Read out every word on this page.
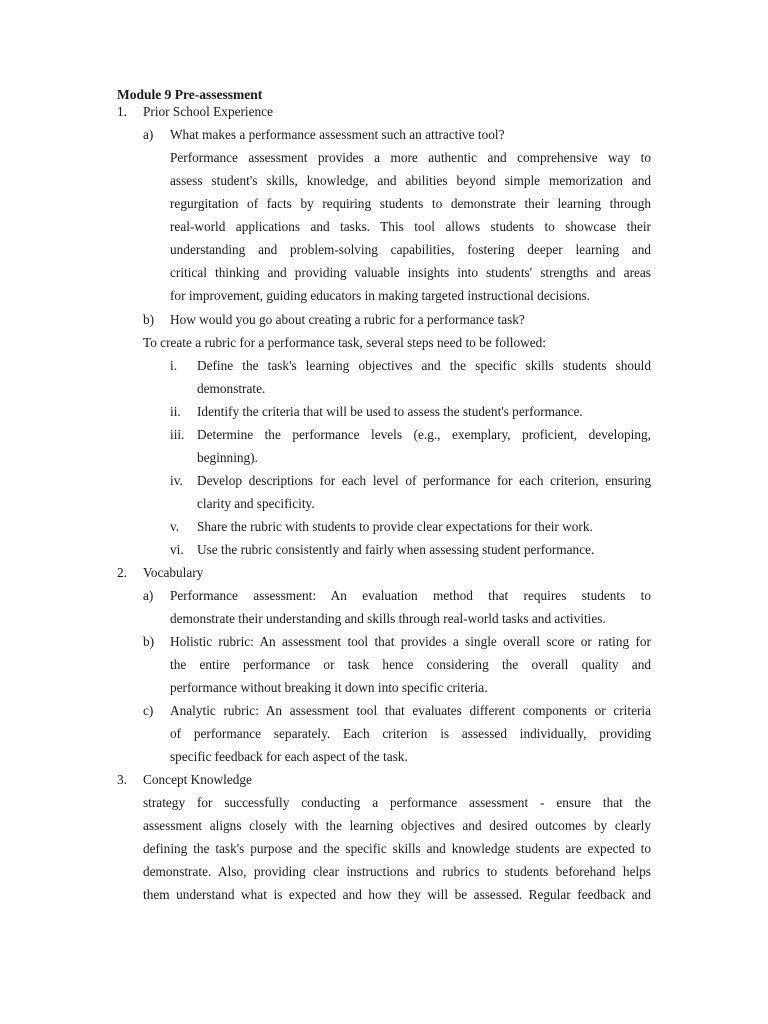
Module 9 Pre-assessment
1. Prior School Experience
a) What makes a performance assessment such an attractive tool?
Performance assessment provides a more authentic and comprehensive way to
assess student's skills, knowledge, and abilities beyond simple memorization and
regurgitation of facts by requiring students to demonstrate their learning through
real-world applications and tasks. This tool allows students to showcase their
understanding and problem-solving capabilities, fostering deeper learning and
critical thinking and providing valuable insights into students' strengths and areas
for improvement, guiding educators in making targeted instructional decisions.
b) How would you go about creating a rubric for a performance task?
To create a rubric for a performance task, several steps need to be followed:
i. Define the task's learning objectives and the specific skills students should
demonstrate.
ii. Identify the criteria that will be used to assess the student's performance.
iii. Determine the performance levels (e.g., exemplary, proficient, developing,
beginning).
iv. Develop descriptions for each level of performance for each criterion, ensuring
clarity and specificity.
v. Share the rubric with students to provide clear expectations for their work.
vi. Use the rubric consistently and fairly when assessing student performance.
2. Vocabulary
a) Performance assessment: An evaluation method that requires students to
demonstrate their understanding and skills through real-world tasks and activities.
b) Holistic rubric: An assessment tool that provides a single overall score or rating for
the entire performance or task hence considering the overall quality and
performance without breaking it down into specific criteria.
c) Analytic rubric: An assessment tool that evaluates different components or criteria
of performance separately. Each criterion is assessed individually, providing
specific feedback for each aspect of the task.
3. Concept Knowledge
strategy for successfully conducting a performance assessment - ensure that the
assessment aligns closely with the learning objectives and desired outcomes by clearly
defining the task's purpose and the specific skills and knowledge students are expected to
demonstrate. Also, providing clear instructions and rubrics to students beforehand helps
them understand what is expected and how they will be assessed. Regular feedback and
